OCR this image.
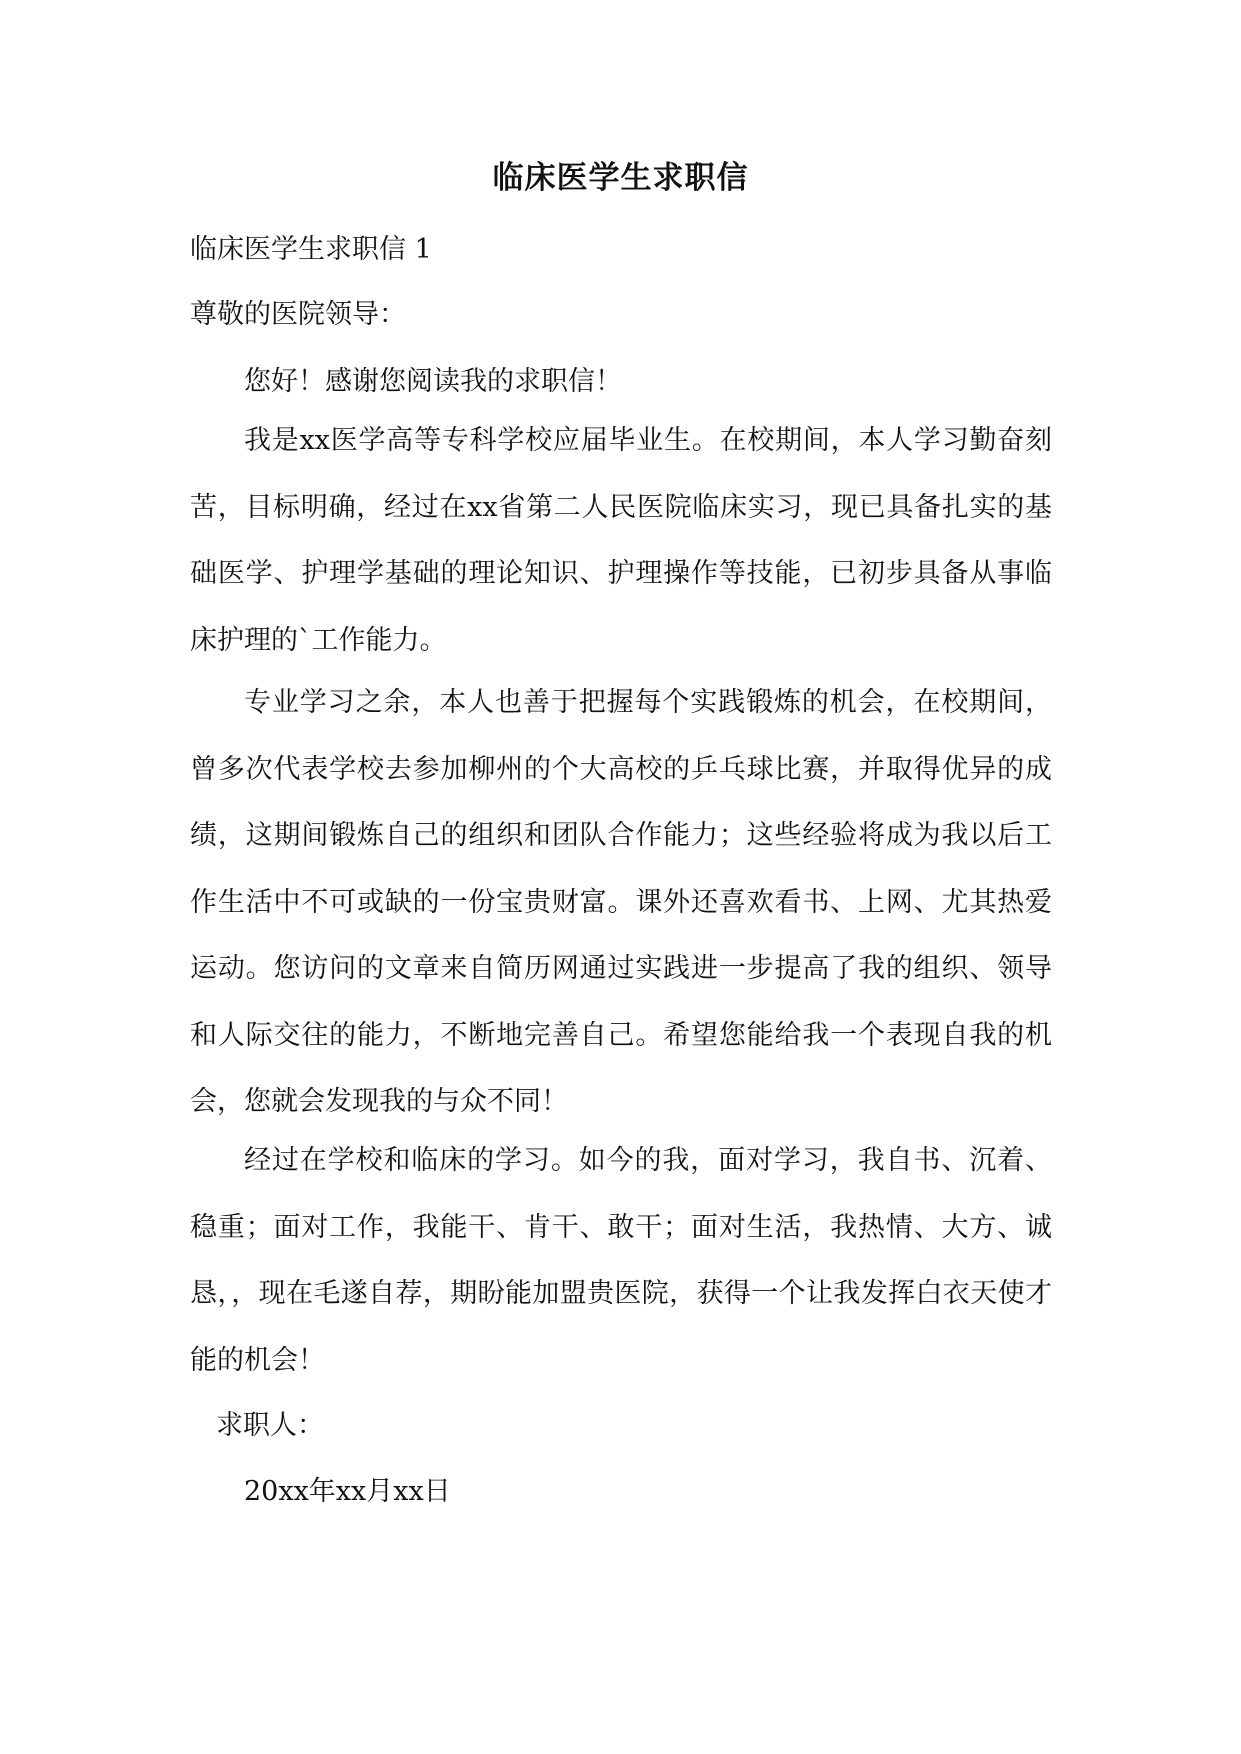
临床医学生求职信
临床医学生求职信 1
尊敬的医院领导：
您好！感谢您阅读我的求职信！

我是xx医学高等专科学校应届毕业生。在校期间，本人学习勤奋刻苦，目标明确，经过在xx省第二人民医院临床实习，现已具备扎实的基础医学、护理学基础的理论知识、护理操作等技能，已初步具备从事临床护理的`工作能力。

专业学习之余，本人也善于把握每个实践锻炼的机会，在校期间，曾多次代表学校去参加柳州的个大高校的乒乓球比赛，并取得优异的成绩，这期间锻炼自己的组织和团队合作能力；这些经验将成为我以后工作生活中不可或缺的一份宝贵财富。课外还喜欢看书、上网、尤其热爱运动。您访问的文章来自简历网通过实践进一步提高了我的组织、领导和人际交往的能力，不断地完善自己。希望您能给我一个表现自我的机会，您就会发现我的与众不同！

经过在学校和临床的学习。如今的我，面对学习，我自书、沉着、稳重；面对工作，我能干、肯干、敢干；面对生活，我热情、大方、诚恳，，现在毛遂自荐，期盼能加盟贵医院，获得一个让我发挥白衣天使才能的机会！

求职人：
20xx年xx月xx日
